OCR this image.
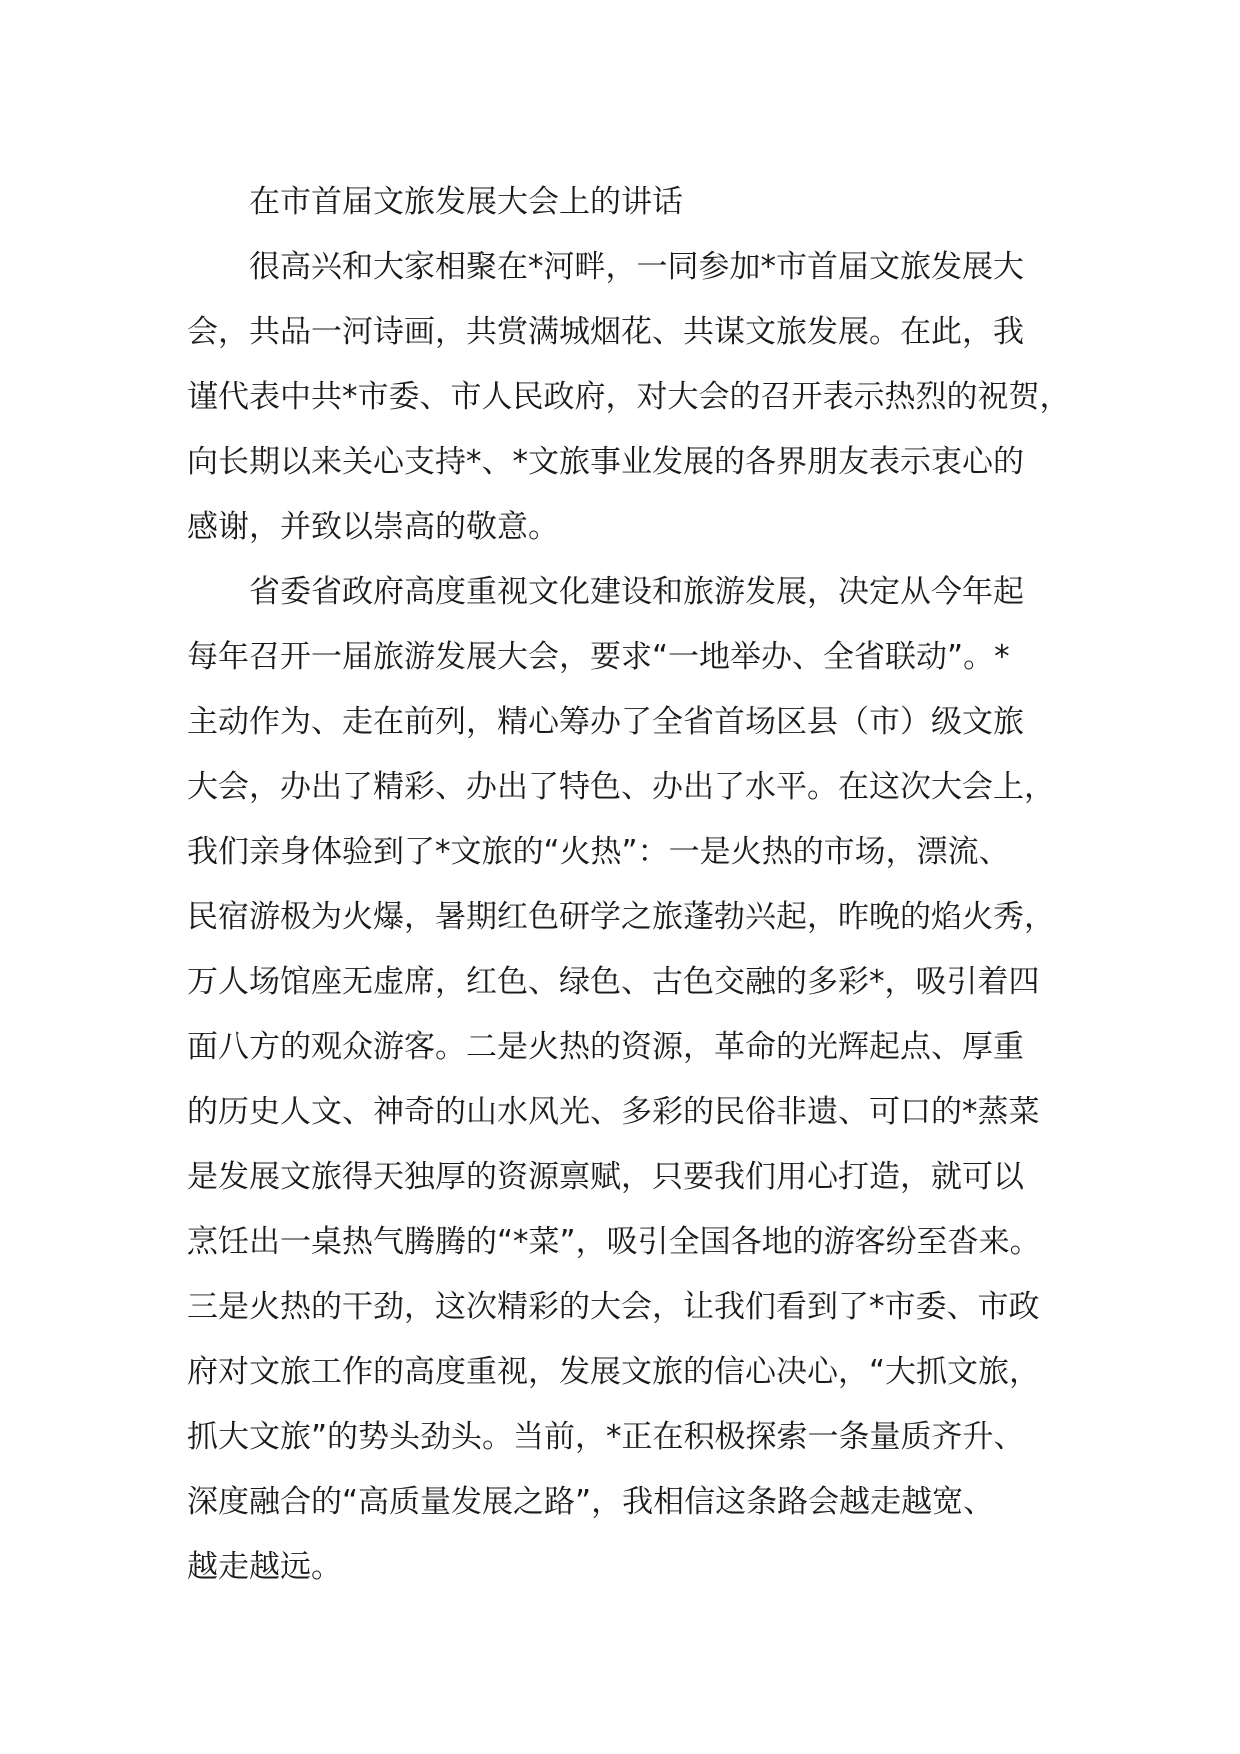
在市首届文旅发展大会上的讲话
很高兴和大家相聚在*河畔，一同参加*市首届文旅发展大
会，共品一河诗画，共赏满城烟花、共谋文旅发展。在此，我
谨代表中共*市委、市人民政府，对大会的召开表示热烈的祝贺，
向长期以来关心支持*、*文旅事业发展的各界朋友表示衷心的
感谢，并致以崇高的敬意。
省委省政府高度重视文化建设和旅游发展，决定从今年起
每年召开一届旅游发展大会，要求“一地举办、全省联动”。*
主动作为、走在前列，精心筹办了全省首场区县（市）级文旅
大会，办出了精彩、办出了特色、办出了水平。在这次大会上，
我们亲身体验到了*文旅的“火热”：一是火热的市场，漂流、
民宿游极为火爆，暑期红色研学之旅蓬勃兴起，昨晚的焰火秀，
万人场馆座无虚席，红色、绿色、古色交融的多彩*，吸引着四
面八方的观众游客。二是火热的资源，革命的光辉起点、厚重
的历史人文、神奇的山水风光、多彩的民俗非遗、可口的*蒸菜
是发展文旅得天独厚的资源禀赋，只要我们用心打造，就可以
烹饪出一桌热气腾腾的“*菜”，吸引全国各地的游客纷至沓来。
三是火热的干劲，这次精彩的大会，让我们看到了*市委、市政
府对文旅工作的高度重视，发展文旅的信心决心，“大抓文旅，
抓大文旅”的势头劲头。当前，*正在积极探索一条量质齐升、
深度融合的“高质量发展之路”，我相信这条路会越走越宽、
越走越远。
